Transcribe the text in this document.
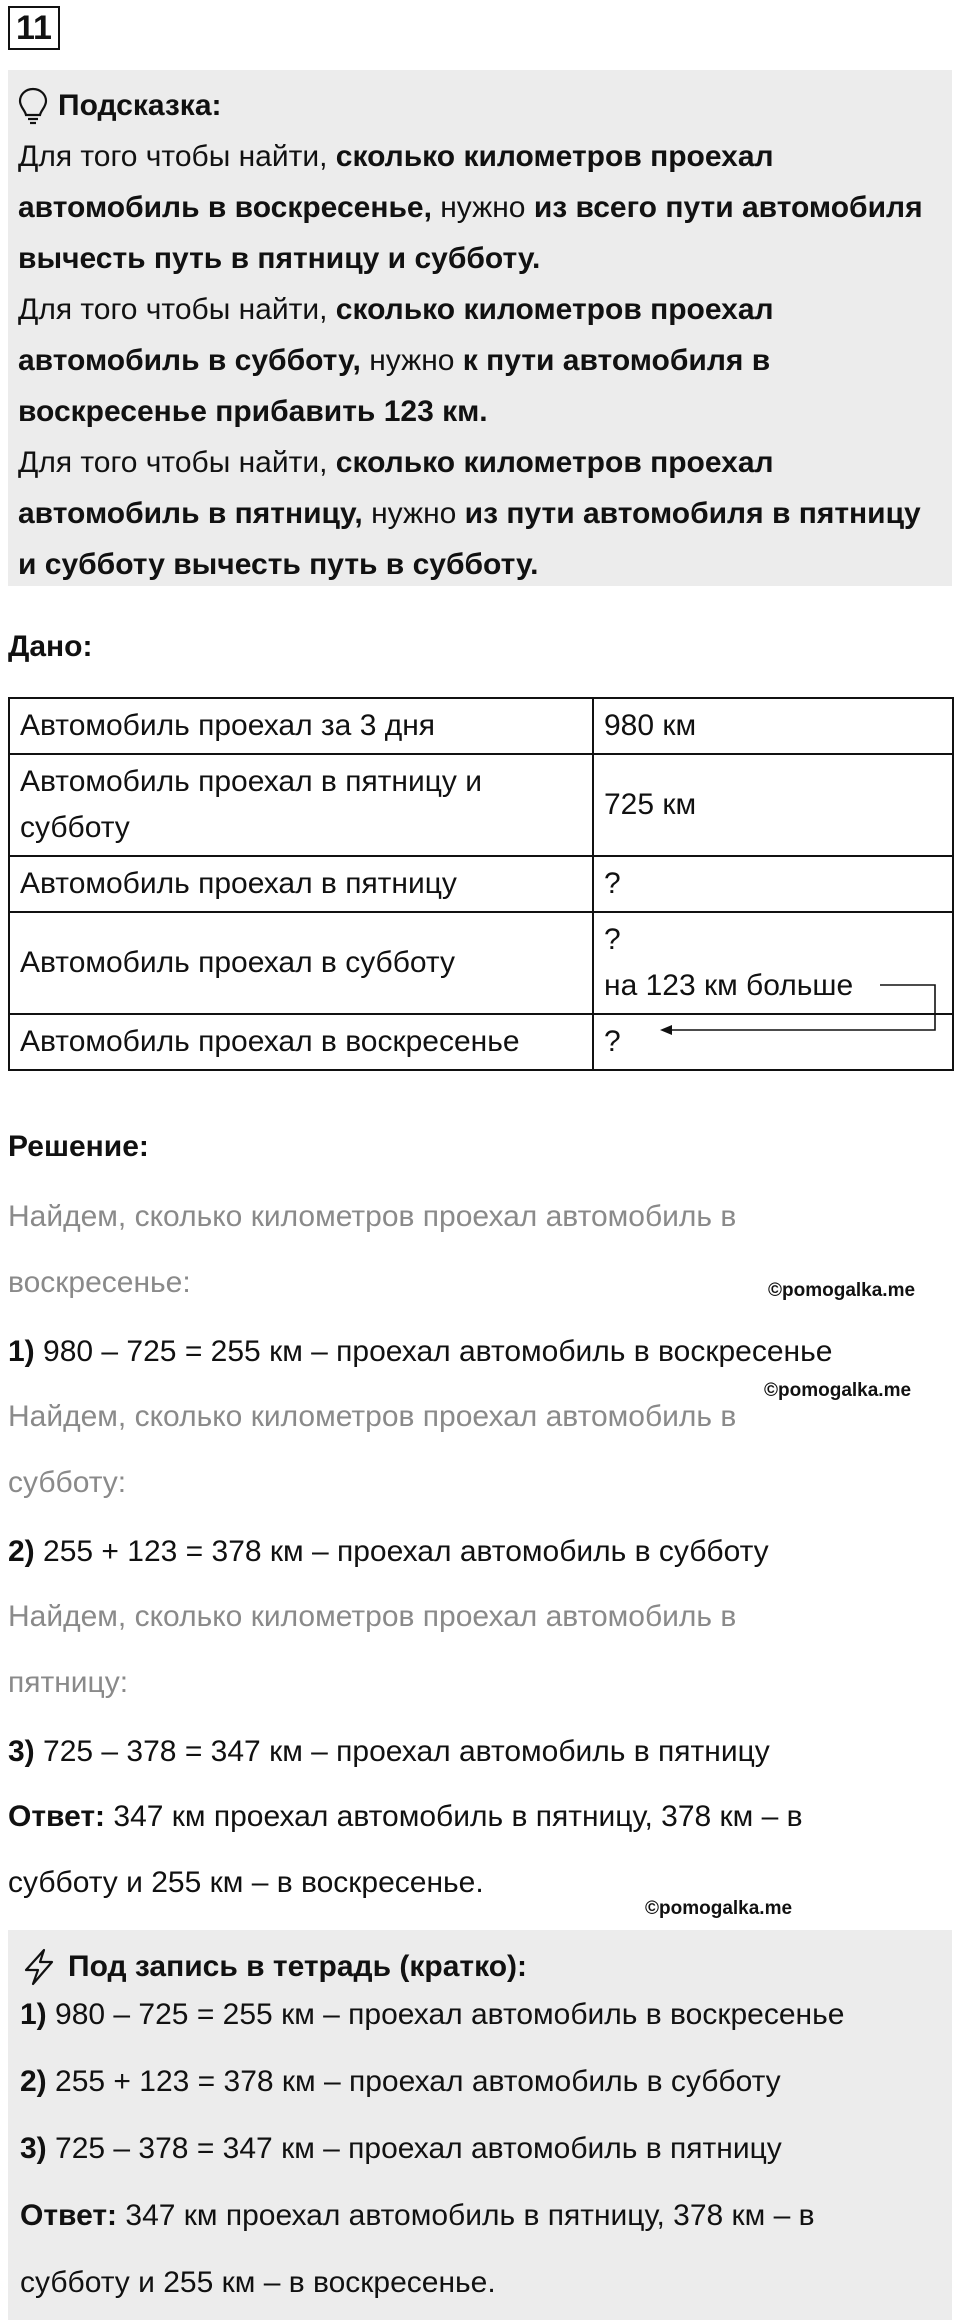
11
Подсказка:

Для того чтобы найти, сколько километров проехал автомобиль в воскресенье, нужно из всего пути автомобиля вычесть путь в пятницу и субботу.

Для того чтобы найти, сколько километров проехал автомобиль в субботу, нужно к пути автомобиля в воскресенье прибавить 123 км.

Для того чтобы найти, сколько километров проехал автомобиль в пятницу, нужно из пути автомобиля в пятницу и субботу вычесть путь в субботу.

Дано:
Автомобиль проехал за 3 дня	980 км
Автомобиль проехал в пятницу и субботу	725 км
Автомобиль проехал в пятницу	?
Автомобиль проехал в субботу	?
на 123 км больше

Автомобиль проехал в воскресенье	?
Решение:
Найдем, сколько километров проехал автомобиль в
воскресенье:	©pomogalka.me
1) 980 – 725 = 255 км – проехал автомобиль в воскресенье
©pomogalka.me
Найдем, сколько километров проехал автомобиль в
субботу:
2) 255 + 123 = 378 км – проехал автомобиль в субботу
Найдем, сколько километров проехал автомобиль в
пятницу:
3) 725 – 378 = 347 км – проехал автомобиль в пятницу
Ответ: 347 км проехал автомобиль в пятницу, 378 км – в
субботу и 255 км – в воскресенье.
©pomogalka.me
Под запись в тетрадь (кратко):
1) 980 – 725 = 255 км – проехал автомобиль в воскресенье
2) 255 + 123 = 378 км – проехал автомобиль в субботу
3) 725 – 378 = 347 км – проехал автомобиль в пятницу
Ответ: 347 км проехал автомобиль в пятницу, 378 км – в
субботу и 255 км – в воскресенье.
